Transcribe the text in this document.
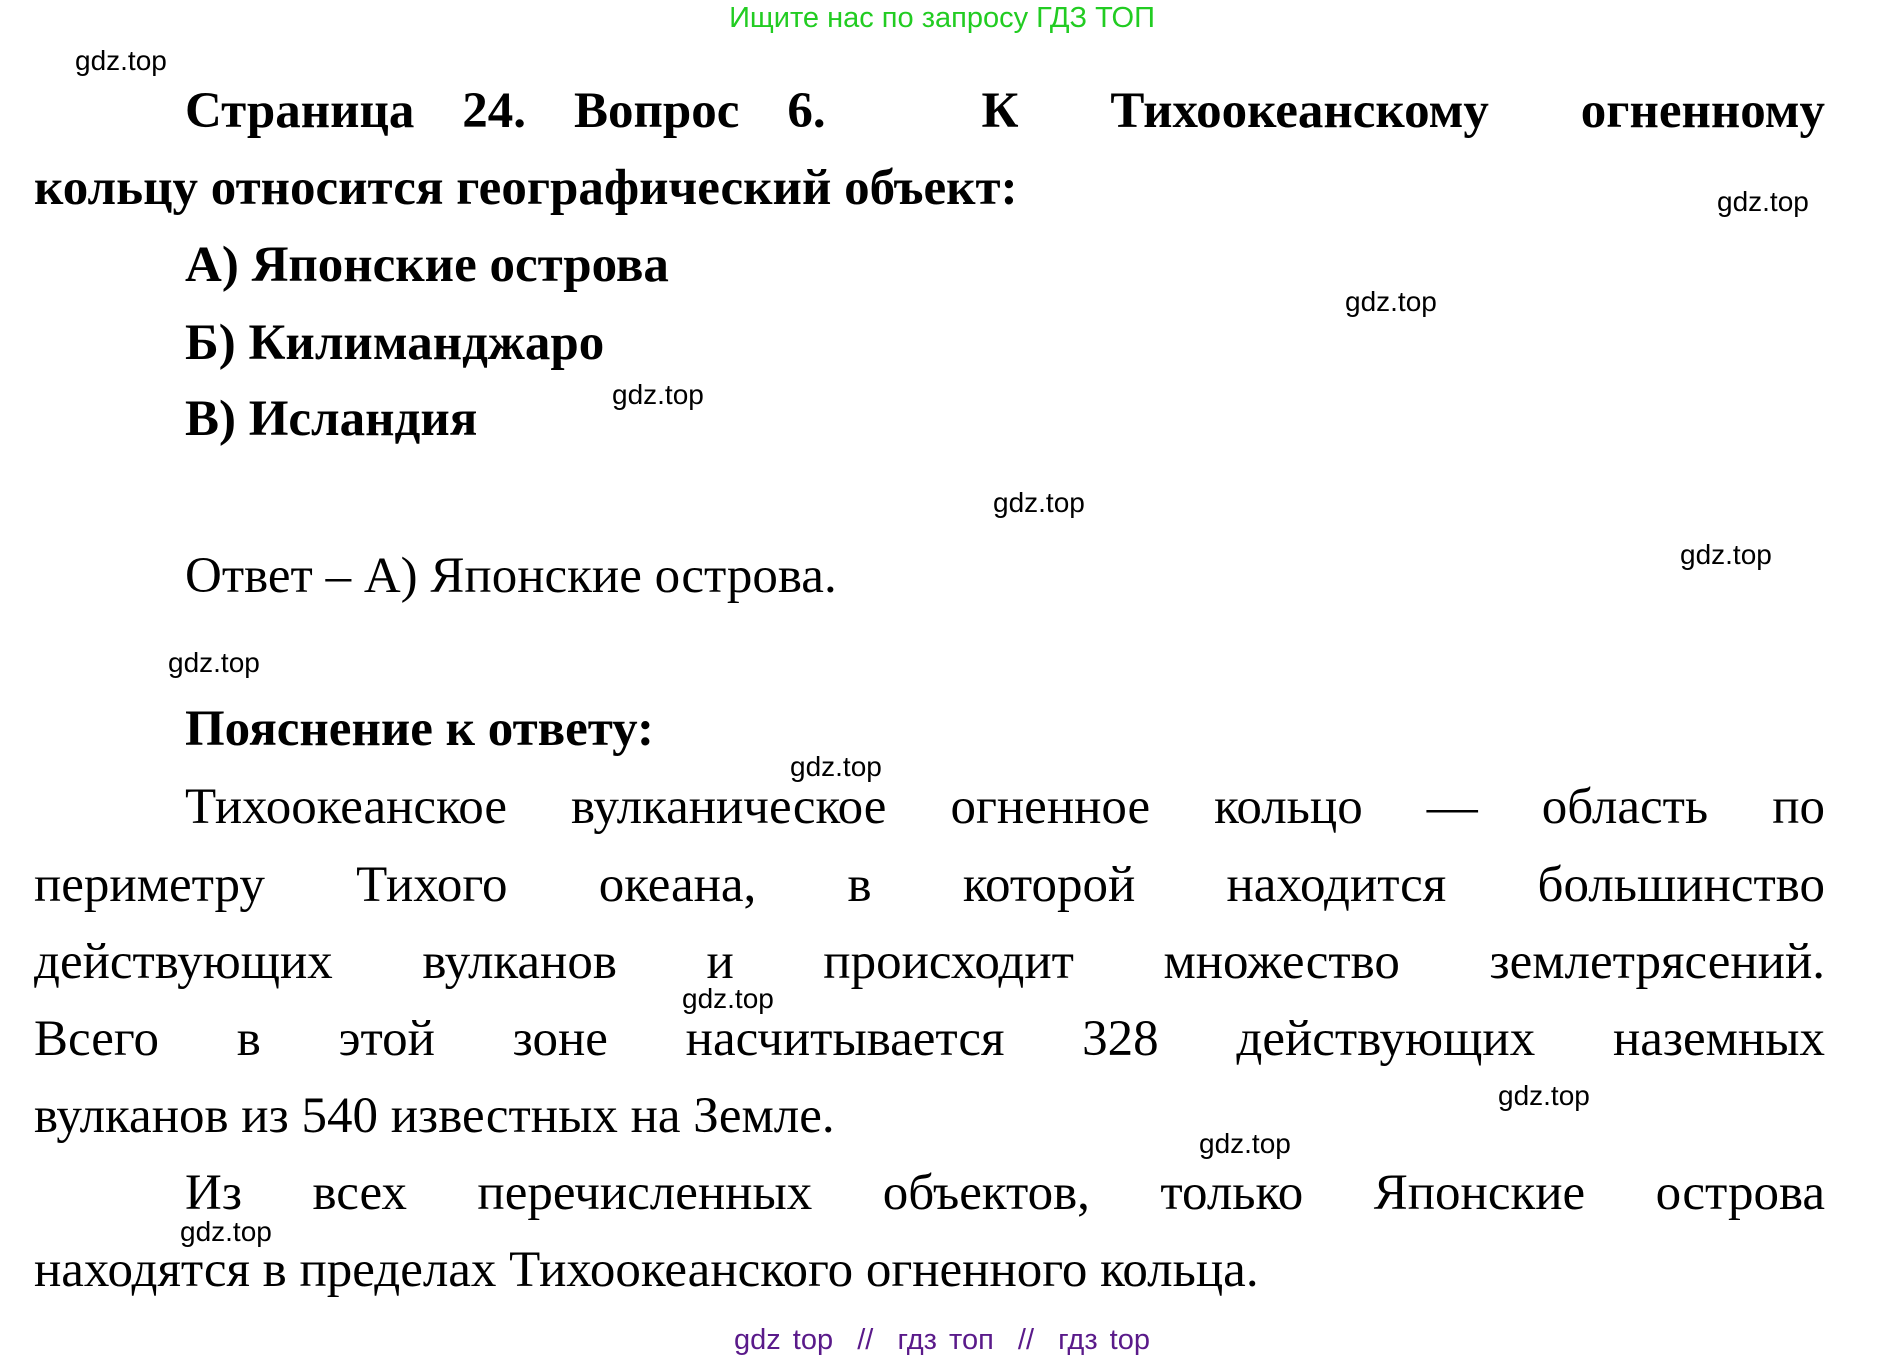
Ищите нас по запросу ГДЗ ТОП
Страница 24. Вопрос 6.	К Тихоокеанскому огненному
кольцу относится географический объект:
А) Японские острова
Б) Килиманджаро
В) Исландия
Ответ – А) Японские острова.
Пояснение к ответу:
Тихоокеанское вулканическое огненное кольцо — область по
периметру Тихого океана, в которой находится большинство
действующих вулканов и происходит множество землетрясений.
Всего в этой зоне насчитывается 328 действующих наземных
вулканов из 540 известных на Земле.
Из всех перечисленных объектов, только Японские острова
находятся в пределах Тихоокеанского огненного кольца.
gdz.top
gdz.top
gdz.top
gdz.top
gdz.top
gdz.top
gdz.top
gdz.top
gdz.top
gdz.top
gdz.top
gdz.top
gdz top  //  гдз топ  //  гдз top
